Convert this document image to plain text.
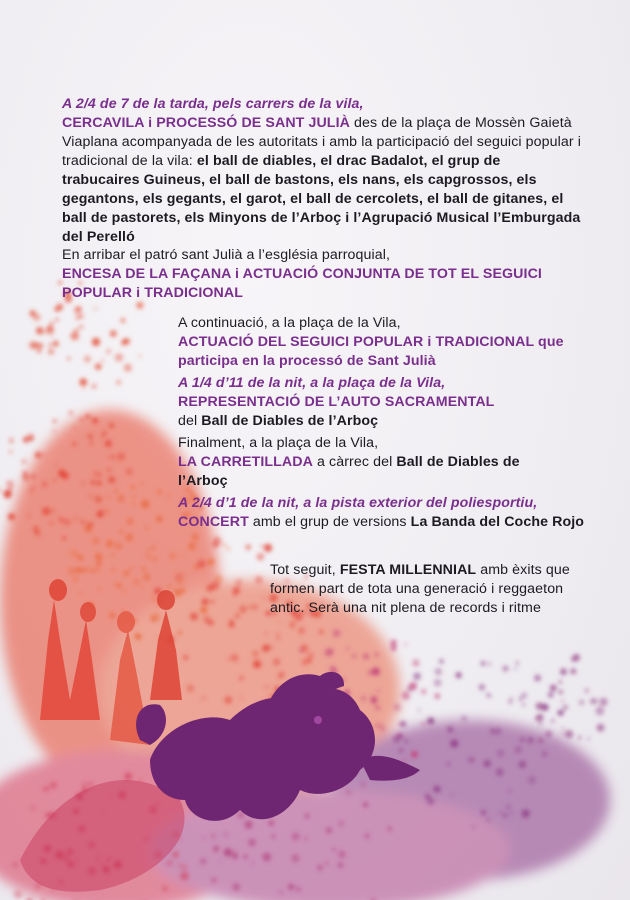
A 2/4 de 7 de la tarda, pels carrers de la vila,
CERCAVILA i PROCESSÓ DE SANT JULIÀ des de la plaça de Mossèn Gaietà Viaplana acompanyada de les autoritats i amb la participació del seguici popular i tradicional de la vila: el ball de diables, el drac Badalot, el grup de trabucaires Guineus, el ball de bastons, els nans, els capgrossos, els gegantons, els gegants, el garot, el ball de cercolets, el ball de gitanes, el ball de pastorets, els Minyons de l’Arboç i l’Agrupació Musical l’Emburgada del Perelló

En arribar el patró sant Julià a l’església parroquial,
ENCESA DE LA FAÇANA i ACTUACIÓ CONJUNTA DE TOT EL SEGUICI POPULAR i TRADICIONAL

A continuació, a la plaça de la Vila,
ACTUACIÓ DEL SEGUICI POPULAR i TRADICIONAL que participa en la processó de Sant Julià

A 1/4 d’11 de la nit, a la plaça de la Vila,
REPRESENTACIÓ DE L’AUTO SACRAMENTAL
del Ball de Diables de l’Arboç

Finalment, a la plaça de la Vila,
LA CARRETILLADA a càrrec del Ball de Diables de l’Arboç

A 2/4 d’1 de la nit, a la pista exterior del poliesportiu,
CONCERT amb el grup de versions La Banda del Coche Rojo

Tot seguit, FESTA MILLENNIAL amb èxits que formen part de tota una generació i reggaeton antic. Serà una nit plena de records i ritme
